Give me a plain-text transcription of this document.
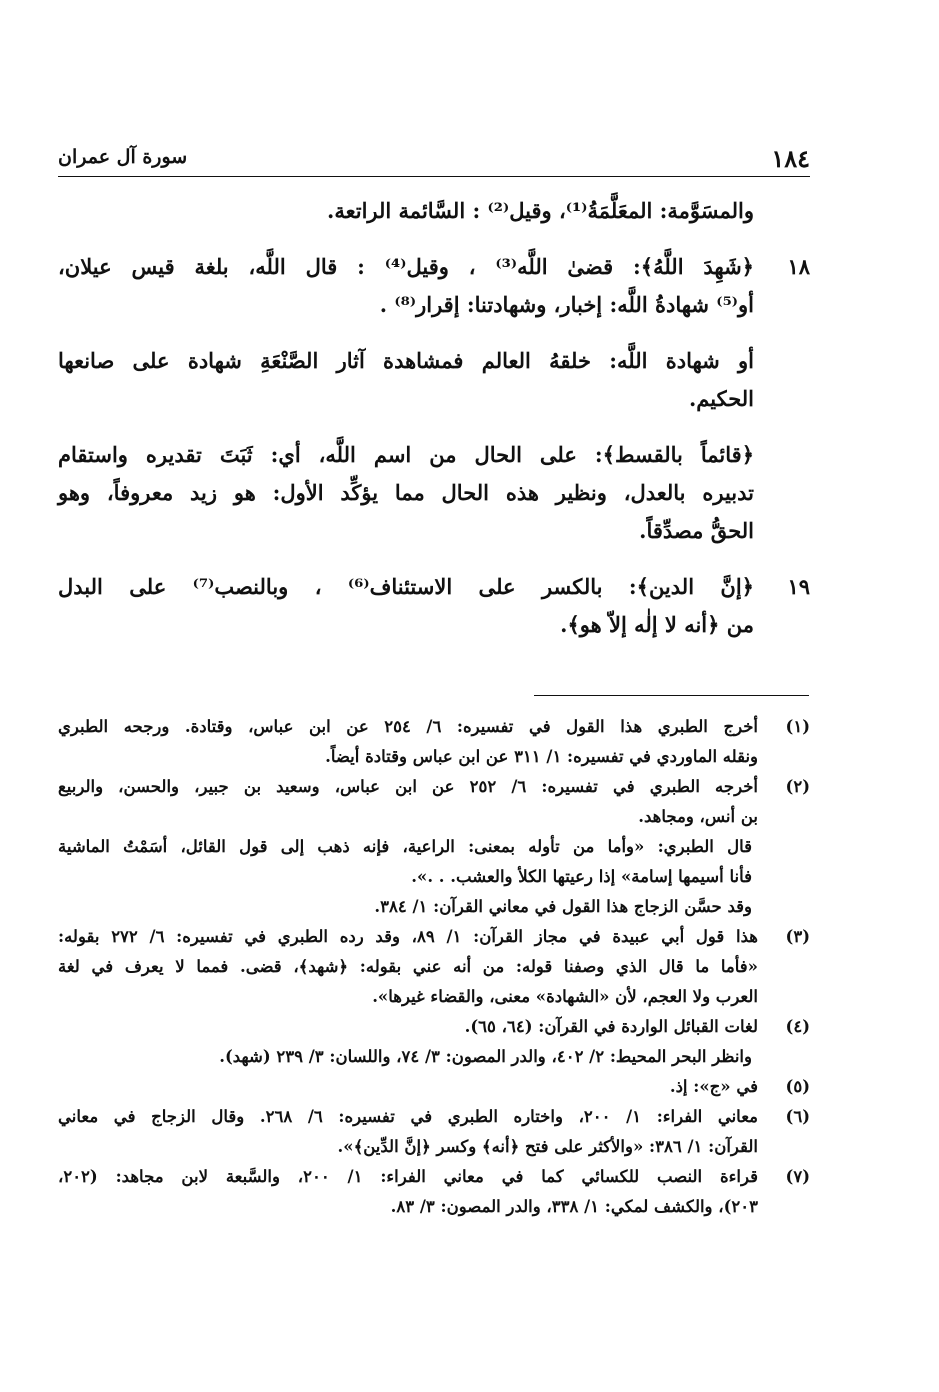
١٨٤
سورة آل عمران

والمسَوَّمة: المعَلَّمَةُ⁽¹⁾، وقيل⁽²⁾ : السَّائمة الراتعة.

١٨
﴿شَهِدَ اللَّهُ﴾: قضىٰ اللَّه⁽³⁾ ، وقيل⁽⁴⁾ : قال اللَّه، بلغة قيس عيلان،
أو⁽⁵⁾ شهادةُ اللَّه: إخبار، وشهادتنا: إقرار⁽⁸⁾ .

أو شهادة اللَّه: خلقهُ العالم فمشاهدة آثار الصَّنْعَةِ شهادة على صانعها
الحكيم.

﴿قائماً بالقسط﴾: على الحال من اسم اللَّه، أي: ثَبَتَ تقديره واستقام
تدبيره بالعدل، ونظير هذه الحال مما يؤكِّد الأول: هو زيد معروفاً، وهو
الحقُّ مصدِّقاً.

١٩
﴿إنَّ الدين﴾: بالكسر على الاستئناف⁽⁶⁾ ، وبالنصب⁽⁷⁾ على البدل
من ﴿أنه لا إلٰه إلاّ هو﴾.

(١)
أخرج الطبري هذا القول في تفسيره: ٦/ ٢٥٤ عن ابن عباس، وقتادة. ورجحه الطبري
ونقله الماوردي في تفسيره: ١/ ٣١١ عن ابن عباس وقتادة أيضاً.

(٢)
أخرجه الطبري في تفسيره: ٦/ ٢٥٢ عن ابن عباس، وسعيد بن جبير، والحسن، والربيع
بن أنس، ومجاهد.

قال الطبري: «وأما من تأوله بمعنى: الراعية، فإنه ذهب إلى قول القائل، أسَمْتُ الماشية
فأنا أسيمها إسامة» إذا رعيتها الكلأ والعشب. . .».

وقد حسَّن الزجاج هذا القول في معاني القرآن: ١/ ٣٨٤.

(٣)
هذا قول أبي عبيدة في مجاز القرآن: ١/ ٨٩، وقد رده الطبري في تفسيره: ٦/ ٢٧٢ بقوله:
«فأما ما قال الذي وصفنا قوله: من أنه عني بقوله: ﴿شهد﴾، قضى. فمما لا يعرف في لغة
العرب ولا العجم، لأن «الشهادة» معنى، والقضاء غيرها».

(٤)
لغات القبائل الواردة في القرآن: (٦٤، ٦٥).

وانظر البحر المحيط: ٢/ ٤٠٢، والدر المصون: ٣/ ٧٤، واللسان: ٣/ ٢٣٩ (شهد).

(٥)
في «ج»: إذ.

(٦)
معاني الفراء: ١/ ٢٠٠، واختاره الطبري في تفسيره: ٦/ ٢٦٨. وقال الزجاج في معاني
القرآن: ١/ ٣٨٦: «والأكثر على فتح ﴿أنه﴾ وكسر ﴿إنَّ الدِّين﴾».

(٧)
قراءة النصب للكسائي كما في معاني الفراء: ١/ ٢٠٠، والسَّبعة لابن مجاهد: (٢٠٢،
٢٠٣)، والكشف لمكي: ١/ ٣٣٨، والدر المصون: ٣/ ٨٣.
